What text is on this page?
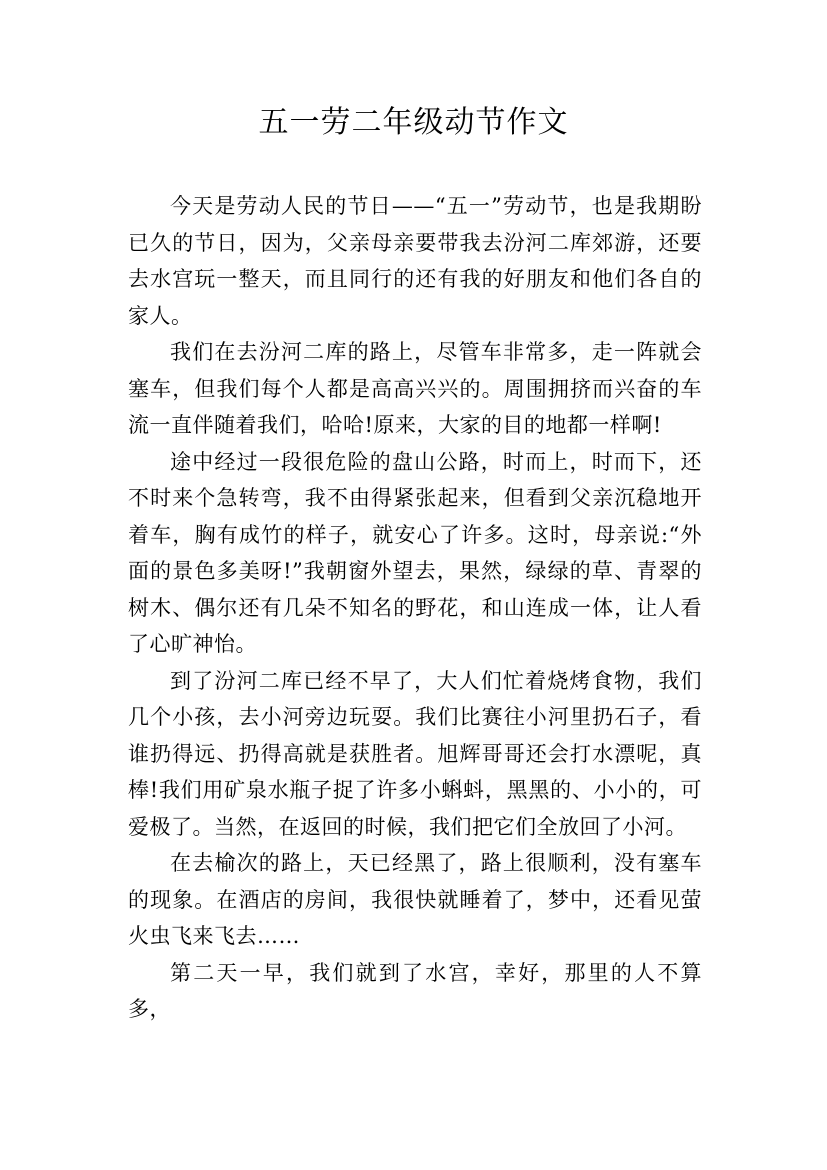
五一劳二年级动节作文

今天是劳动人民的节日——“五一”劳动节，也是我期盼已久的节日，因为，父亲母亲要带我去汾河二库郊游，还要去水宫玩一整天，而且同行的还有我的好朋友和他们各自的家人。

我们在去汾河二库的路上，尽管车非常多，走一阵就会塞车，但我们每个人都是高高兴兴的。周围拥挤而兴奋的车流一直伴随着我们，哈哈!原来，大家的目的地都一样啊!

途中经过一段很危险的盘山公路，时而上，时而下，还不时来个急转弯，我不由得紧张起来，但看到父亲沉稳地开着车，胸有成竹的样子，就安心了许多。这时，母亲说:“外面的景色多美呀!”我朝窗外望去，果然，绿绿的草、青翠的树木、偶尔还有几朵不知名的野花，和山连成一体，让人看了心旷神怡。

到了汾河二库已经不早了，大人们忙着烧烤食物，我们几个小孩，去小河旁边玩耍。我们比赛往小河里扔石子，看谁扔得远、扔得高就是获胜者。旭辉哥哥还会打水漂呢，真棒!我们用矿泉水瓶子捉了许多小蝌蚪，黑黑的、小小的，可爱极了。当然，在返回的时候，我们把它们全放回了小河。

在去榆次的路上，天已经黑了，路上很顺利，没有塞车的现象。在酒店的房间，我很快就睡着了，梦中，还看见萤火虫飞来飞去……

第二天一早，我们就到了水宫，幸好，那里的人不算多，
